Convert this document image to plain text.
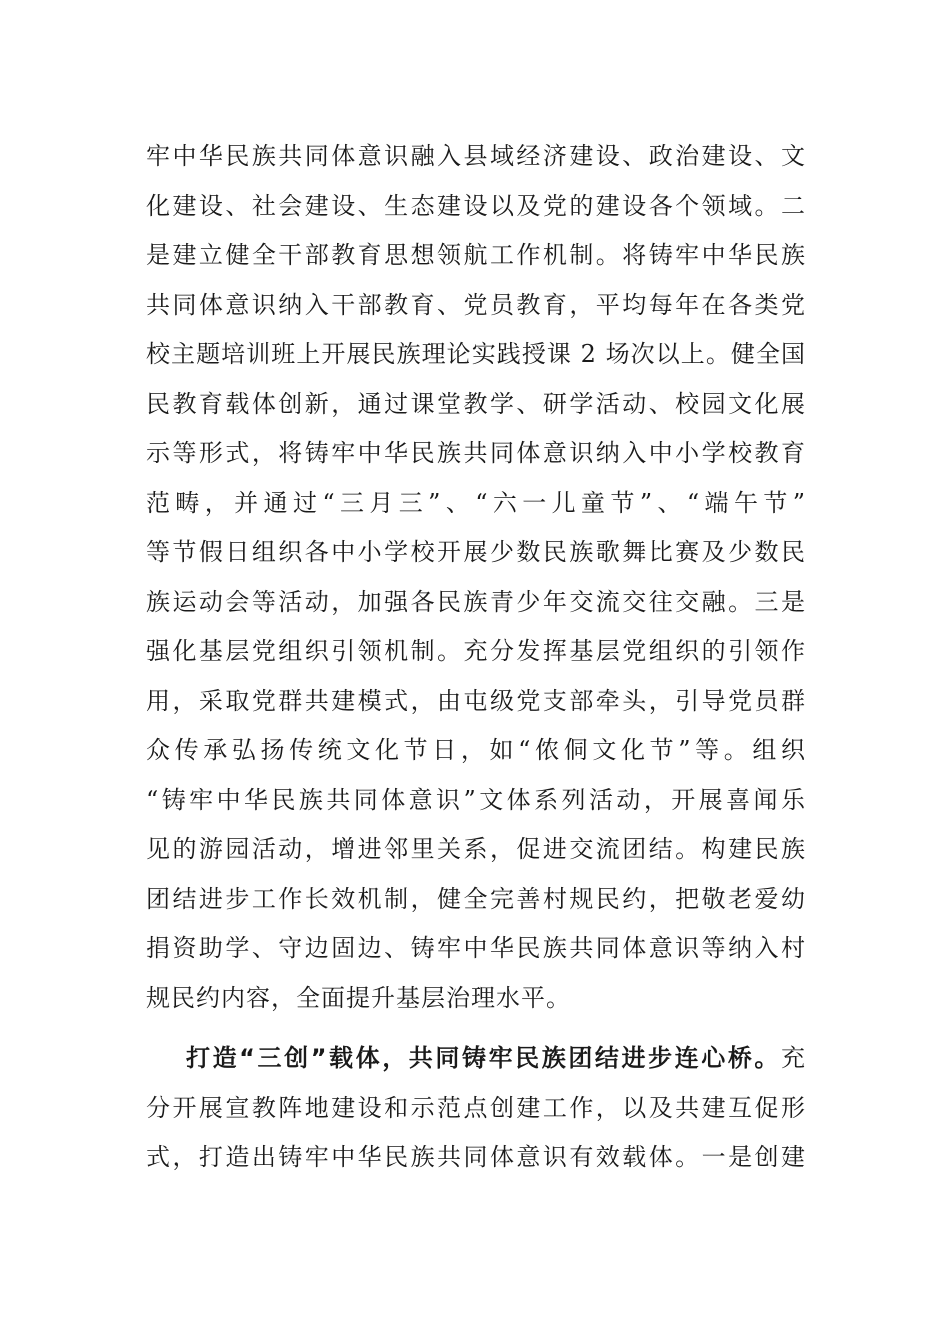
牢中华民族共同体意识融入县域经济建设、政治建设、文
化建设、社会建设、生态建设以及党的建设各个领域。二
是建立健全干部教育思想领航工作机制。将铸牢中华民族
共同体意识纳入干部教育、党员教育，平均每年在各类党
校主题培训班上开展民族理论实践授课 2 场次以上。健全国
民教育载体创新，通过课堂教学、研学活动、校园文化展
示等形式，将铸牢中华民族共同体意识纳入中小学校教育
范畴，并通过“三月三”、“六一儿童节”、“端午节”
等节假日组织各中小学校开展少数民族歌舞比赛及少数民
族运动会等活动，加强各民族青少年交流交往交融。三是
强化基层党组织引领机制。充分发挥基层党组织的引领作
用，采取党群共建模式，由屯级党支部牵头，引导党员群
众传承弘扬传统文化节日，如“侬侗文化节”等。组织
“铸牢中华民族共同体意识”文体系列活动，开展喜闻乐
见的游园活动，增进邻里关系，促进交流团结。构建民族
团结进步工作长效机制，健全完善村规民约，把敬老爱幼
捐资助学、守边固边、铸牢中华民族共同体意识等纳入村
规民约内容，全面提升基层治理水平。
打造“三创”载体，共同铸牢民族团结进步连心桥。充
分开展宣教阵地建设和示范点创建工作，以及共建互促形
式，打造出铸牢中华民族共同体意识有效载体。一是创建
